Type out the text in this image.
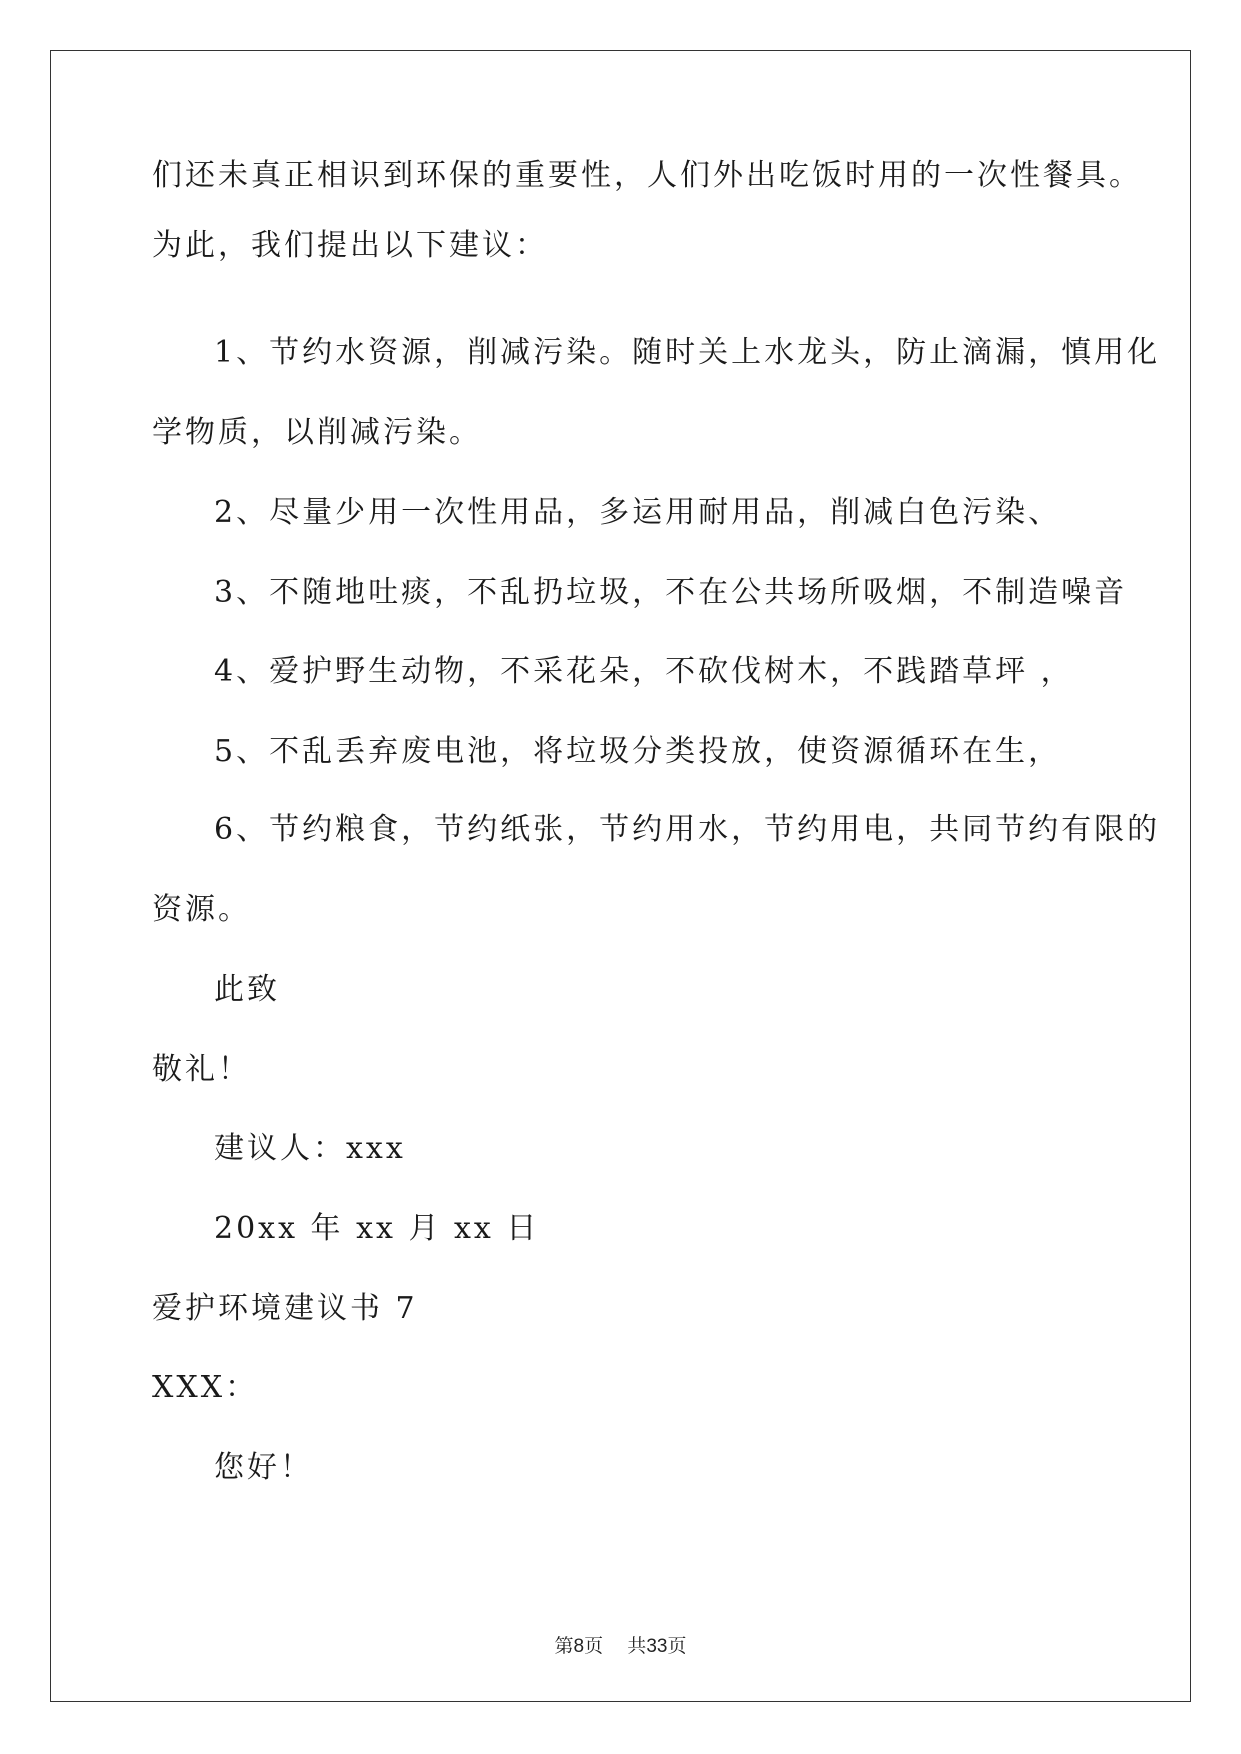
们还未真正相识到环保的重要性，人们外出吃饭时用的一次性餐具。
为此，我们提出以下建议：
1、节约水资源，削减污染。随时关上水龙头，防止滴漏，慎用化
学物质，以削减污染。
2、尽量少用一次性用品，多运用耐用品，削减白色污染、
3、不随地吐痰，不乱扔垃圾，不在公共场所吸烟，不制造噪音
4、爱护野生动物，不采花朵，不砍伐树木，不践踏草坪 ，
5、不乱丢弃废电池，将垃圾分类投放，使资源循环在生，
6、节约粮食，节约纸张，节约用水，节约用电，共同节约有限的
资源。
此致
敬礼！
建议人：xxx
20xx 年 xx 月 xx 日
爱护环境建议书 7
XXX：
您好！
第8页 共33页
